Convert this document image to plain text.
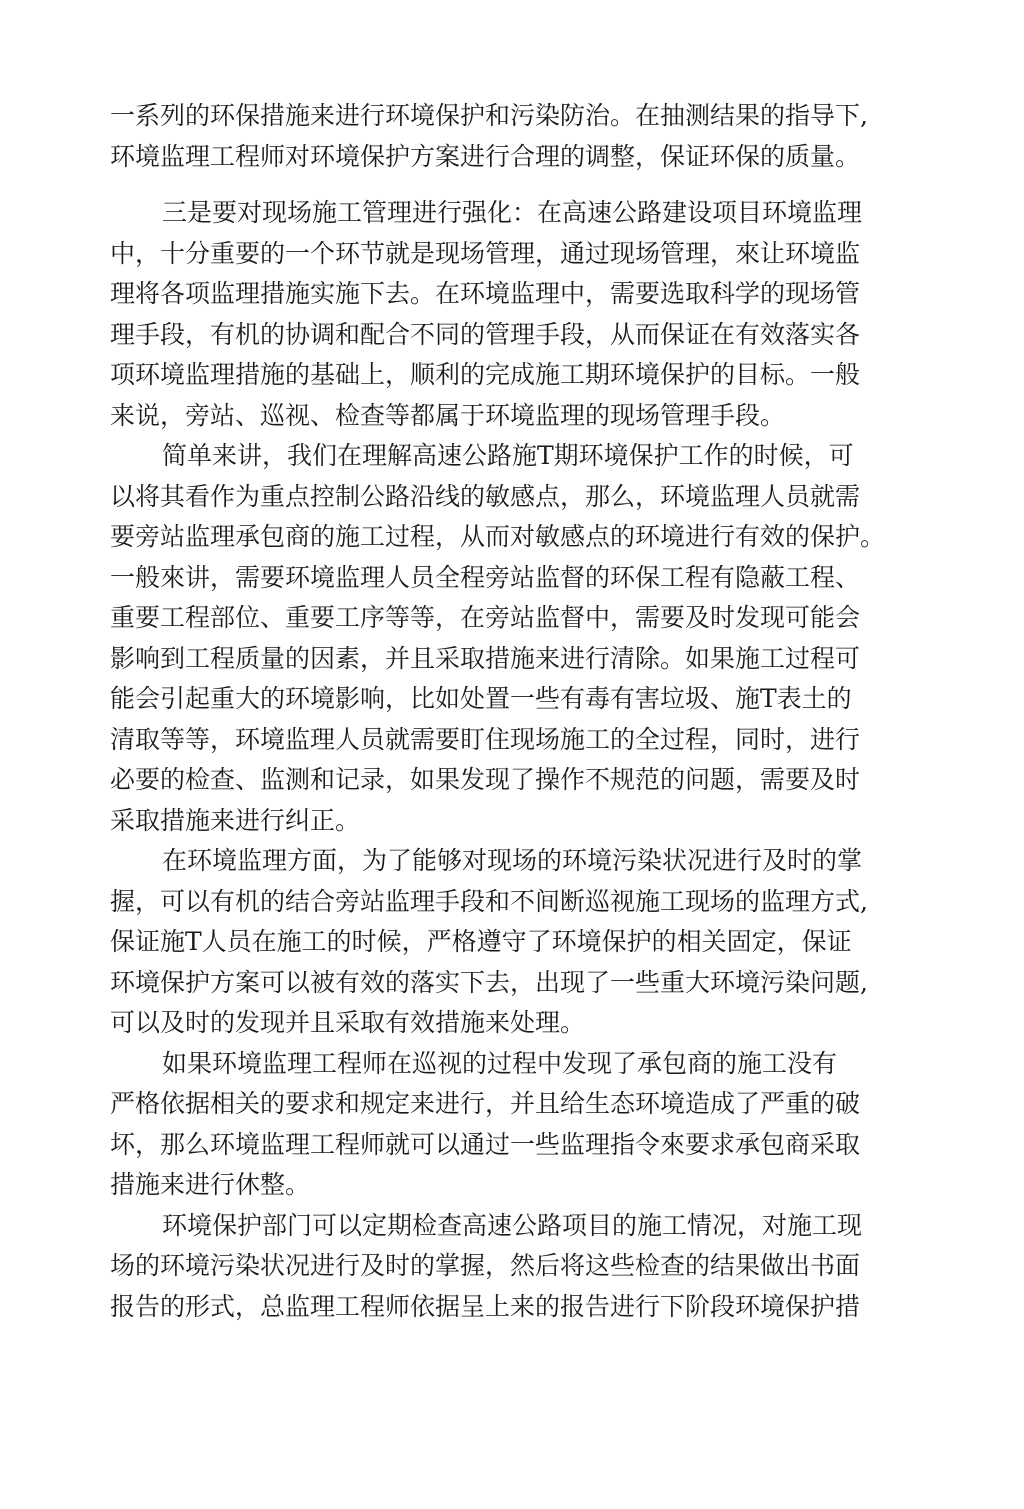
一系列的环保措施来进行环境保护和污染防治。在抽测结果的指导下,
环境监理工程师对环境保护方案进行合理的调整，保证环保的质量。

三是要对现场施工管理进行强化：在高速公路建设项目环境监理
中，十分重要的一个环节就是现场管理，通过现场管理，來让环境监
理将各项监理措施实施下去。在环境监理中，需要选取科学的现场管
理手段，有机的协调和配合不同的管理手段，从而保证在有效落实各
项环境监理措施的基础上，顺利的完成施工期环境保护的目标。一般
来说，旁站、巡视、检查等都属于环境监理的现场管理手段。

简单来讲，我们在理解高速公路施T期环境保护工作的时候，可
以将其看作为重点控制公路沿线的敏感点，那么，环境监理人员就需
要旁站监理承包商的施工过程，从而对敏感点的环境进行有效的保护。
一般來讲，需要环境监理人员全程旁站监督的环保工程有隐蔽工程、
重要工程部位、重要工序等等，在旁站监督中，需要及时发现可能会
影响到工程质量的因素，并且采取措施来进行清除。如果施工过程可
能会引起重大的环境影响，比如处置一些有毒有害垃圾、施T表土的
清取等等，环境监理人员就需要盯住现场施工的全过程，同时，进行
必要的检查、监测和记录，如果发现了操作不规范的问题，需要及时
采取措施来进行纠正。

在环境监理方面，为了能够对现场的环境污染状况进行及时的掌
握，可以有机的结合旁站监理手段和不间断巡视施工现场的监理方式,
保证施T人员在施工的时候，严格遵守了环境保护的相关固定，保证
环境保护方案可以被有效的落实下去，出现了一些重大环境污染问题,
可以及时的发现并且采取有效措施来处理。

如果环境监理工程师在巡视的过程中发现了承包商的施工没有
严格依据相关的要求和规定来进行，并且给生态环境造成了严重的破
坏，那么环境监理工程师就可以通过一些监理指令來要求承包商采取
措施来进行休整。

环境保护部门可以定期检查高速公路项目的施工情况，对施工现
场的环境污染状况进行及时的掌握，然后将这些检查的结果做出书面
报告的形式，总监理工程师依据呈上来的报告进行下阶段环境保护措
